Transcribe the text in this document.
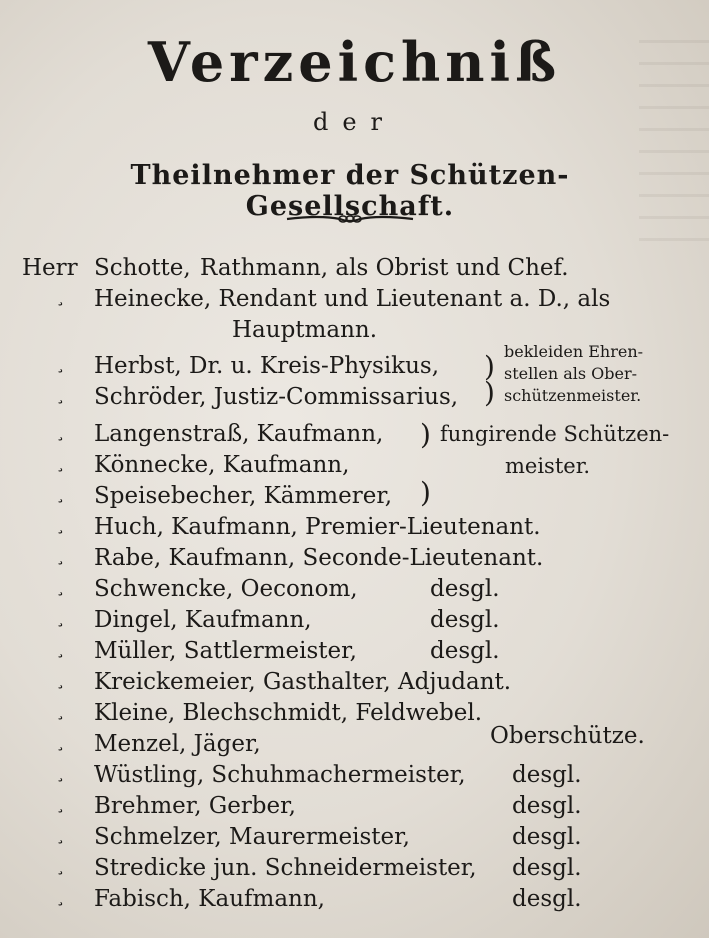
Verzeichniß
der
Theilnehmer der Schützen-Gesellschaft.
Herr Schotte, Rathmann, als Obrist und Chef.
¸ Heinecke, Rendant und Lieutenant a. D., als
Hauptmann.
¸ Herbst, Dr. u. Kreis-Physikus,
¸ Schröder, Justiz-Commissarius,
)
)
bekleiden Ehren-
stellen als Ober-
schützenmeister.
¸ Langenstraß, Kaufmann,
¸ Könnecke, Kaufmann,
¸ Speisebecher, Kämmerer,
)
)
fungirende Schützen-
meister.
¸ Huch, Kaufmann, Premier-Lieutenant.
¸ Rabe, Kaufmann, Seconde-Lieutenant.
¸ Schwencke, Oeconom,	desgl.
¸ Dingel, Kaufmann,	desgl.
¸ Müller, Sattlermeister,	desgl.
¸ Kreickemeier, Gasthalter, Adjudant.
¸ Kleine, Blechschmidt, Feldwebel.
¸ Menzel, Jäger,	Oberschütze.
¸ Wüstling, Schuhmachermeister, desgl.
¸ Brehmer, Gerber,	desgl.
¸ Schmelzer, Maurermeister,	desgl.
¸ Stredicke jun. Schneidermeister, desgl.
¸ Fabisch, Kaufmann,	desgl.
